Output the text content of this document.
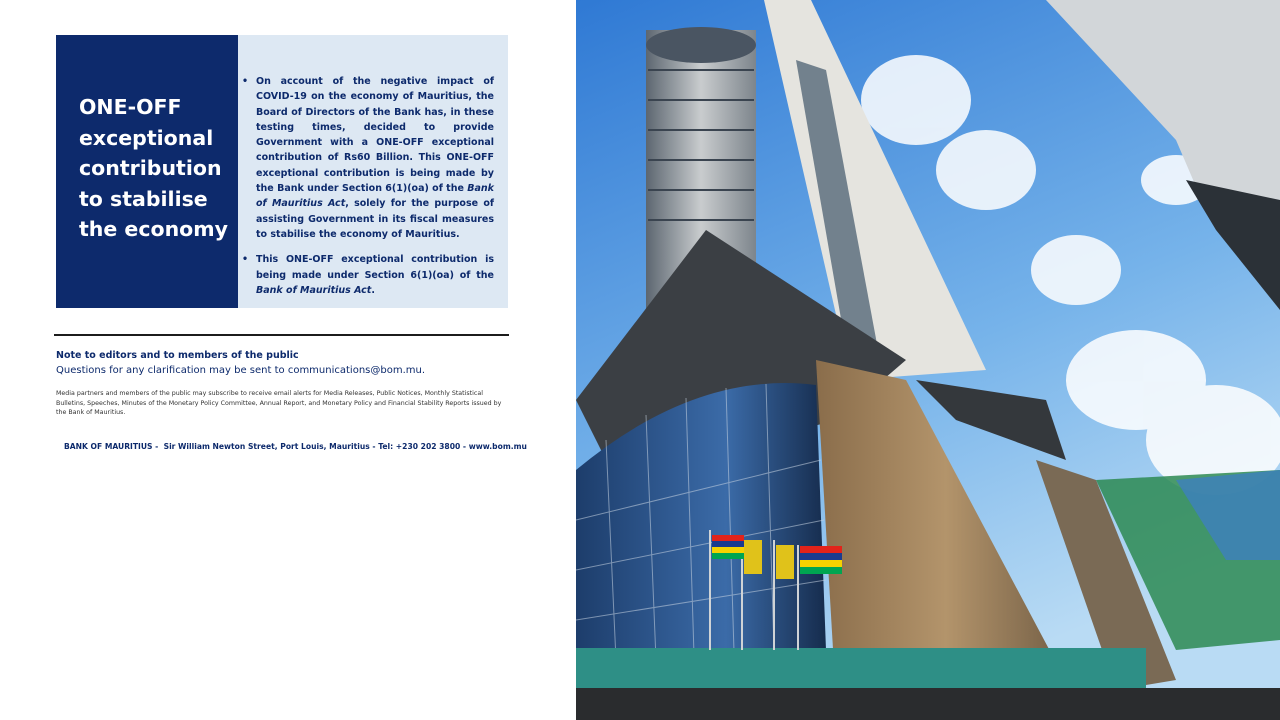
ONE-OFF exceptional contribution to stabilise the economy
• On account of the negative impact of COVID-19 on the economy of Mauritius, the Board of Directors of the Bank has, in these testing times, decided to provide Government with a ONE-OFF exceptional contribution of Rs60 Billion. This ONE-OFF exceptional contribution is being made by the Bank under Section 6(1)(oa) of the Bank of Mauritius Act, solely for the purpose of assisting Government in its fiscal measures to stabilise the economy of Mauritius.
• This ONE-OFF exceptional contribution is being made under Section 6(1)(oa) of the Bank of Mauritius Act.
Note to editors and to members of the public
Questions for any clarification may be sent to communications@bom.mu.
Media partners and members of the public may subscribe to receive email alerts for Media Releases, Public Notices, Monthly Statistical Bulletins, Speeches, Minutes of the Monetary Policy Committee, Annual Report, and Monetary Policy and Financial Stability Reports issued by the Bank of Mauritius.
BANK OF MAURITIUS -  Sir William Newton Street, Port Louis, Mauritius - Tel: +230 202 3800 - www.bom.mu
